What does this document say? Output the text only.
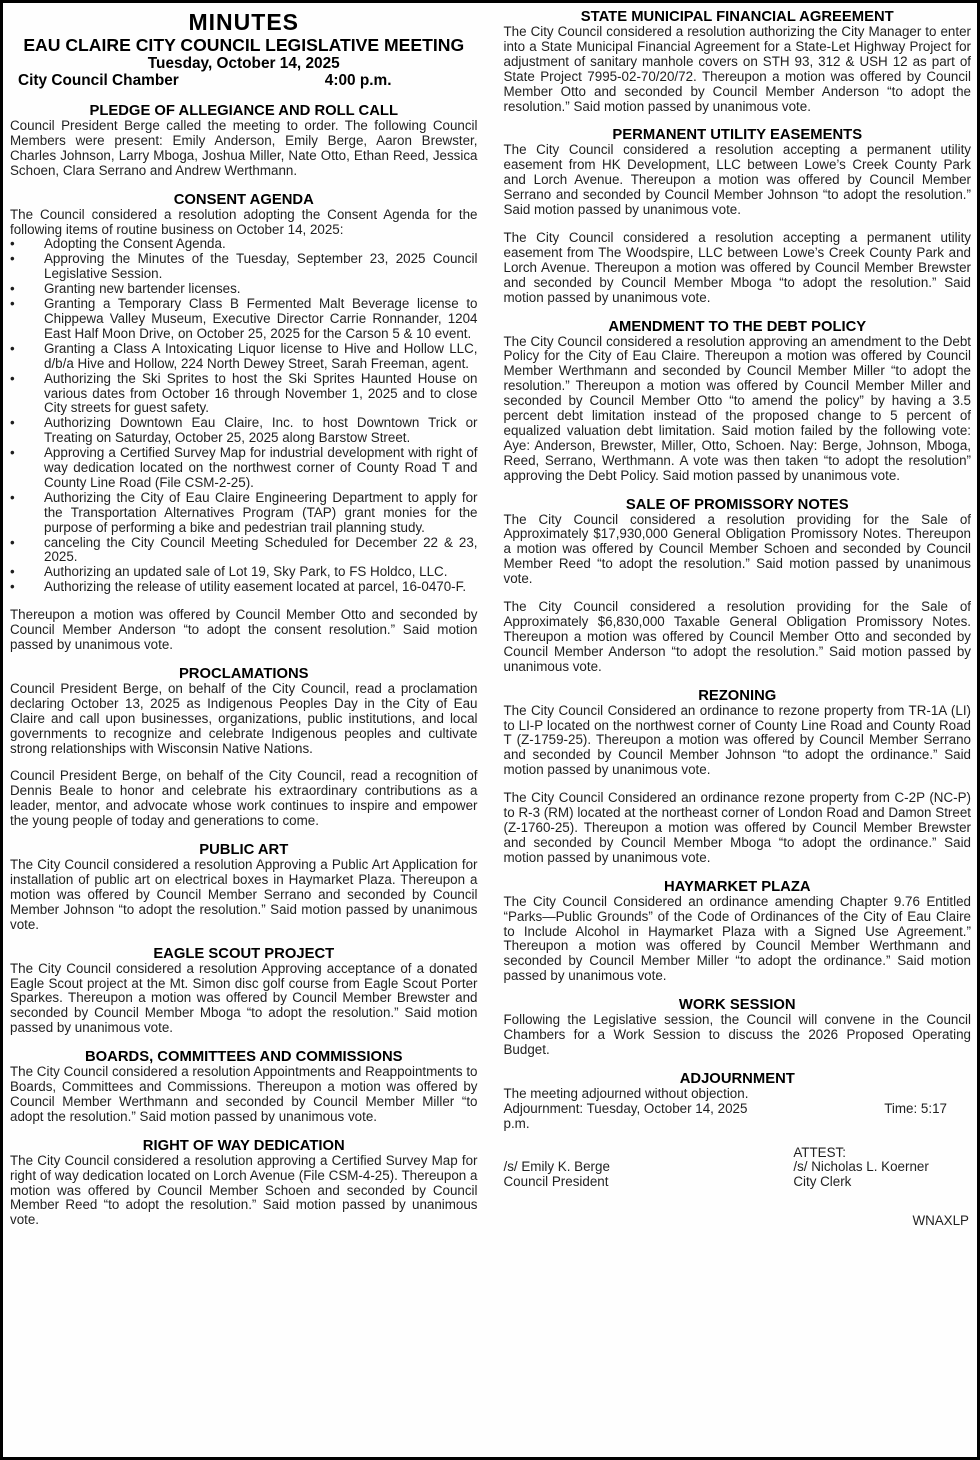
MINUTES
EAU CLAIRE CITY COUNCIL LEGISLATIVE MEETING
Tuesday, October 14, 2025
City Council Chamber	4:00 p.m.
PLEDGE OF ALLEGIANCE AND ROLL CALL
Council President Berge called the meeting to order. The following Council Members were present: Emily Anderson, Emily Berge, Aaron Brewster, Charles Johnson, Larry Mboga, Joshua Miller, Nate Otto, Ethan Reed, Jessica Schoen, Clara Serrano and Andrew Werthmann.
CONSENT AGENDA
The Council considered a resolution adopting the Consent Agenda for the following items of routine business on October 14, 2025:
•	Adopting the Consent Agenda.
•	Approving the Minutes of the Tuesday, September 23, 2025 Council Legislative Session.
•	Granting new bartender licenses.
•	Granting a Temporary Class B Fermented Malt Beverage license to Chippewa Valley Museum, Executive Director Carrie Ronnander, 1204 East Half Moon Drive, on October 25, 2025 for the Carson 5 & 10 event.
•	Granting a Class A Intoxicating Liquor license to Hive and Hollow LLC, d/b/a Hive and Hollow, 224 North Dewey Street, Sarah Freeman, agent.
•	Authorizing the Ski Sprites to host the Ski Sprites Haunted House on various dates from October 16 through November 1, 2025 and to close City streets for guest safety.
•	Authorizing Downtown Eau Claire, Inc. to host Downtown Trick or Treating on Saturday, October 25, 2025 along Barstow Street.
•	Approving a Certified Survey Map for industrial development with right of way dedication located on the northwest corner of County Road T and County Line Road (File CSM-2-25).
•	Authorizing the City of Eau Claire Engineering Department to apply for the Transportation Alternatives Program (TAP) grant monies for the purpose of performing a bike and pedestrian trail planning study.
•	canceling the City Council Meeting Scheduled for December 22 & 23, 2025.
•	Authorizing an updated sale of Lot 19, Sky Park, to FS Holdco, LLC.
•	Authorizing the release of utility easement located at parcel, 16-0470-F.
Thereupon a motion was offered by Council Member Otto and seconded by Council Member Anderson “to adopt the consent resolution.” Said motion passed by unanimous vote.
PROCLAMATIONS
Council President Berge, on behalf of the City Council, read a proclamation declaring October 13, 2025 as Indigenous Peoples Day in the City of Eau Claire and call upon businesses, organizations, public institutions, and local governments to recognize and celebrate Indigenous peoples and cultivate strong relationships with Wisconsin Native Nations.
Council President Berge, on behalf of the City Council, read a recognition of Dennis Beale to honor and celebrate his extraordinary contributions as a leader, mentor, and advocate whose work continues to inspire and empower the young people of today and generations to come.
PUBLIC ART
The City Council considered a resolution Approving a Public Art Application for installation of public art on electrical boxes in Haymarket Plaza. Thereupon a motion was offered by Council Member Serrano and seconded by Council Member Johnson “to adopt the resolution.” Said motion passed by unanimous vote.
EAGLE SCOUT PROJECT
The City Council considered a resolution Approving acceptance of a donated Eagle Scout project at the Mt. Simon disc golf course from Eagle Scout Porter Sparkes. Thereupon a motion was offered by Council Member Brewster and seconded by Council Member Mboga “to adopt the resolution.” Said motion passed by unanimous vote.
BOARDS, COMMITTEES AND COMMISSIONS
The City Council considered a resolution Appointments and Reappointments to Boards, Committees and Commissions. Thereupon a motion was offered by Council Member Werthmann and seconded by Council Member Miller “to adopt the resolution.” Said motion passed by unanimous vote.
RIGHT OF WAY DEDICATION
The City Council considered a resolution approving a Certified Survey Map for right of way dedication located on Lorch Avenue (File CSM-4-25). Thereupon a motion was offered by Council Member Schoen and seconded by Council Member Reed “to adopt the resolution.” Said motion passed by unanimous vote.
STATE MUNICIPAL FINANCIAL AGREEMENT
The City Council considered a resolution authorizing the City Manager to enter into a State Municipal Financial Agreement for a State-Let Highway Project for adjustment of sanitary manhole covers on STH 93, 312 & USH 12 as part of State Project 7995-02-70/20/72. Thereupon a motion was offered by Council Member Otto and seconded by Council Member Anderson “to adopt the resolution.” Said motion passed by unanimous vote.
PERMANENT UTILITY EASEMENTS
The City Council considered a resolution accepting a permanent utility easement from HK Development, LLC between Lowe’s Creek County Park and Lorch Avenue. Thereupon a motion was offered by Council Member Serrano and seconded by Council Member Johnson “to adopt the resolution.” Said motion passed by unanimous vote.
The City Council considered a resolution accepting a permanent utility easement from The Woodspire, LLC between Lowe’s Creek County Park and Lorch Avenue. Thereupon a motion was offered by Council Member Brewster and seconded by Council Member Mboga “to adopt the resolution.” Said motion passed by unanimous vote.
AMENDMENT TO THE DEBT POLICY
The City Council considered a resolution approving an amendment to the Debt Policy for the City of Eau Claire. Thereupon a motion was offered by Council Member Werthmann and seconded by Council Member Miller “to adopt the resolution.” Thereupon a motion was offered by Council Member Miller and seconded by Council Member Otto “to amend the policy” by having a 3.5 percent debt limitation instead of the proposed change to 5 percent of equalized valuation debt limitation. Said motion failed by the following vote: Aye: Anderson, Brewster, Miller, Otto, Schoen. Nay: Berge, Johnson, Mboga, Reed, Serrano, Werthmann. A vote was then taken “to adopt the resolution” approving the Debt Policy. Said motion passed by unanimous vote.
SALE OF PROMISSORY NOTES
The City Council considered a resolution providing for the Sale of Approximately $17,930,000 General Obligation Promissory Notes. Thereupon a motion was offered by Council Member Schoen and seconded by Council Member Reed “to adopt the resolution.” Said motion passed by unanimous vote.
The City Council considered a resolution providing for the Sale of Approximately $6,830,000 Taxable General Obligation Promissory Notes. Thereupon a motion was offered by Council Member Otto and seconded by Council Member Anderson “to adopt the resolution.” Said motion passed by unanimous vote.
REZONING
The City Council Considered an ordinance to rezone property from TR-1A (LI) to LI-P located on the northwest corner of County Line Road and County Road T (Z-1759-25). Thereupon a motion was offered by Council Member Serrano and seconded by Council Member Johnson “to adopt the ordinance.” Said motion passed by unanimous vote.
The City Council Considered an ordinance rezone property from C-2P (NC-P) to R-3 (RM) located at the northeast corner of London Road and Damon Street (Z-1760-25). Thereupon a motion was offered by Council Member Brewster and seconded by Council Member Mboga “to adopt the ordinance.” Said motion passed by unanimous vote.
HAYMARKET PLAZA
The City Council Considered an ordinance amending Chapter 9.76 Entitled “Parks—Public Grounds” of the Code of Ordinances of the City of Eau Claire to Include Alcohol in Haymarket Plaza with a Signed Use Agreement.” Thereupon a motion was offered by Council Member Werthmann and seconded by Council Member Miller “to adopt the ordinance.” Said motion passed by unanimous vote.
WORK SESSION
Following the Legislative session, the Council will convene in the Council Chambers for a Work Session to discuss the 2026 Proposed Operating Budget.
ADJOURNMENT
The meeting adjourned without objection.
Adjournment: Tuesday, October 14, 2025	Time: 5:17
p.m.
/s/ Emily K. Berge
Council President
ATTEST:
/s/ Nicholas L. Koerner
City Clerk
WNAXLP
